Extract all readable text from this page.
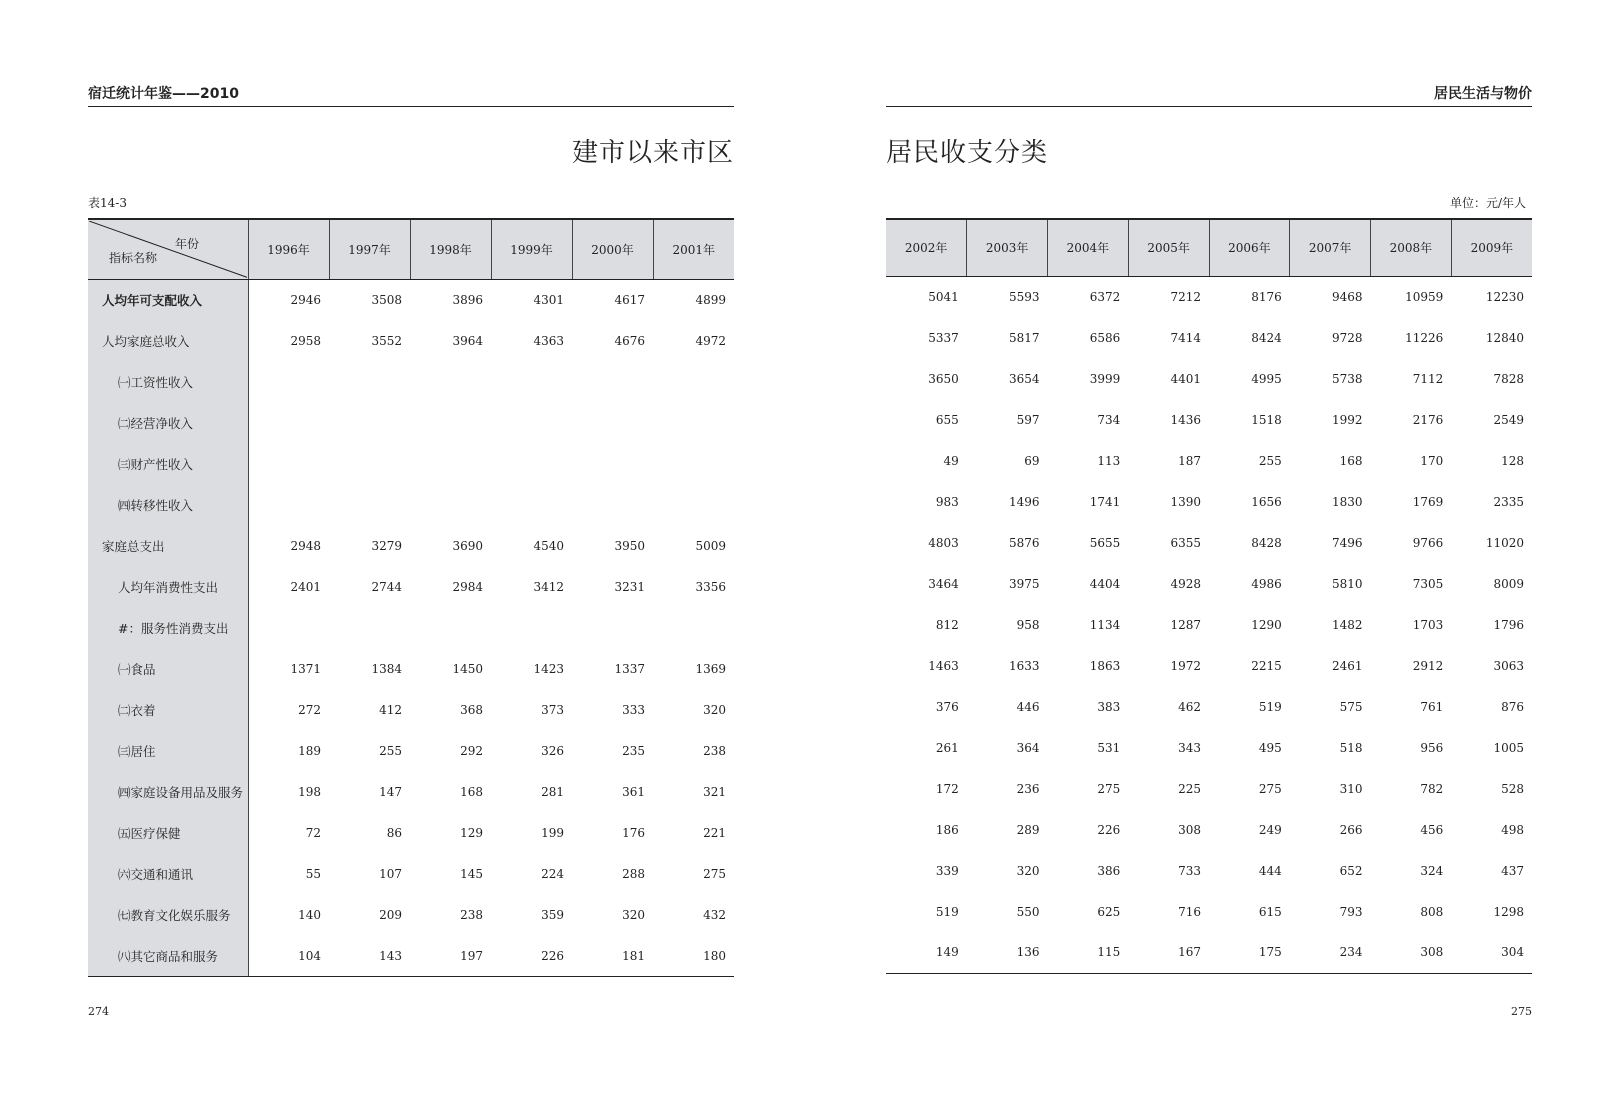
宿迁统计年鉴——2010
建市以来市区
表14-3
年份
指标名称	1996年	1997年	1998年	1999年	2000年	2001年
人均年可支配收入	2946	3508	3896	4301	4617	4899
人均家庭总收入	2958	3552	3964	4363	4676	4972
㈠工资性收入						
㈡经营净收入						
㈢财产性收入						
㈣转移性收入						
家庭总支出	2948	3279	3690	4540	3950	5009
人均年消费性支出	2401	2744	2984	3412	3231	3356
#：服务性消费支出						
㈠食品	1371	1384	1450	1423	1337	1369
㈡衣着	272	412	368	373	333	320
㈢居住	189	255	292	326	235	238
㈣家庭设备用品及服务	198	147	168	281	361	321
㈤医疗保健	72	86	129	199	176	221
㈥交通和通讯	55	107	145	224	288	275
㈦教育文化娱乐服务	140	209	238	359	320	432
㈧其它商品和服务	104	143	197	226	181	180
274
居民生活与物价
居民收支分类
单位：元/年人
2002年	2003年	2004年	2005年	2006年	2007年	2008年	2009年
5041	5593	6372	7212	8176	9468	10959	12230
5337	5817	6586	7414	8424	9728	11226	12840
3650	3654	3999	4401	4995	5738	7112	7828
655	597	734	1436	1518	1992	2176	2549
49	69	113	187	255	168	170	128
983	1496	1741	1390	1656	1830	1769	2335
4803	5876	5655	6355	8428	7496	9766	11020
3464	3975	4404	4928	4986	5810	7305	8009
812	958	1134	1287	1290	1482	1703	1796
1463	1633	1863	1972	2215	2461	2912	3063
376	446	383	462	519	575	761	876
261	364	531	343	495	518	956	1005
172	236	275	225	275	310	782	528
186	289	226	308	249	266	456	498
339	320	386	733	444	652	324	437
519	550	625	716	615	793	808	1298
149	136	115	167	175	234	308	304
275
